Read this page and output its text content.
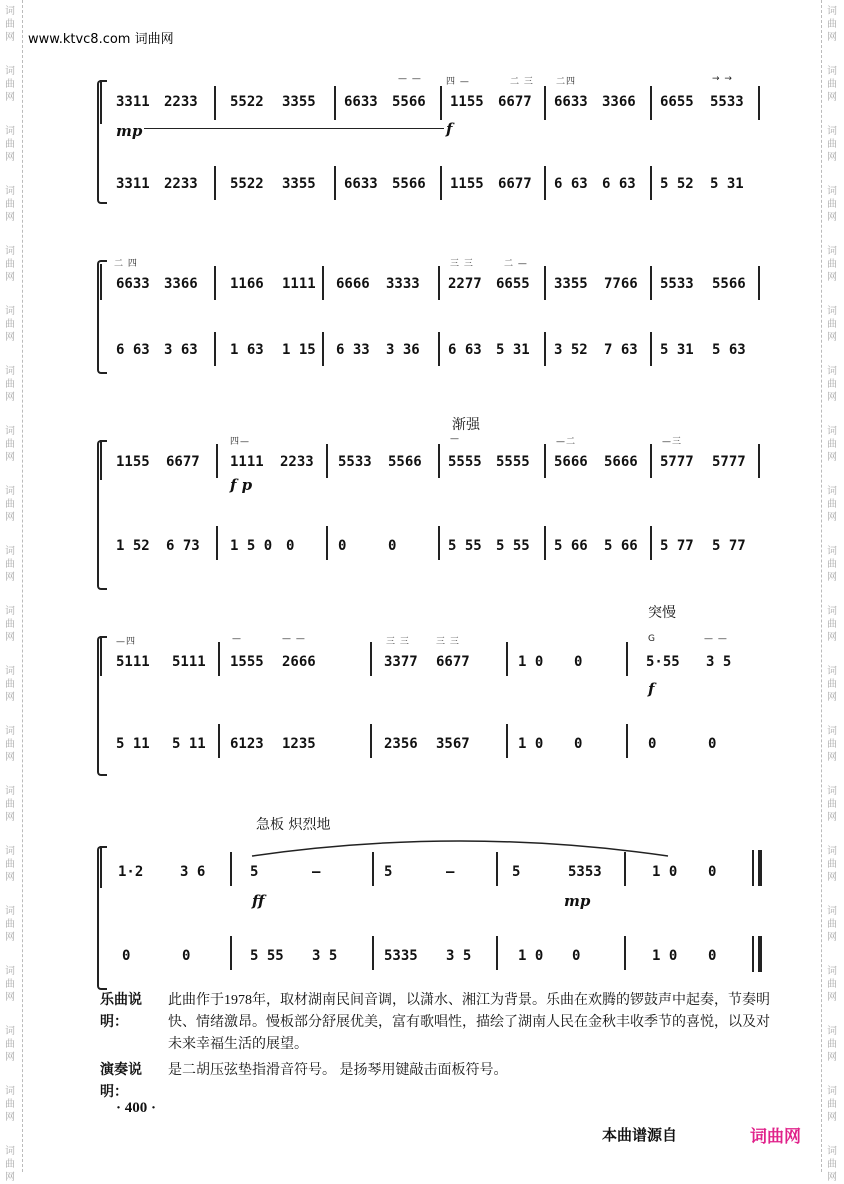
词
曲
网
词
曲
网
词
曲
网
词
曲
网
词
曲
网
词
曲
网
词
曲
网
词
曲
网
词
曲
网
词
曲
网
词
曲
网
词
曲
网
词
曲
网
词
曲
网
词
曲
网
词
曲
网
词
曲
网
词
曲
网
词
曲
网
词
曲
网
词
曲
网
词
曲
网
词
曲
网
词
曲
网
词
曲
网
词
曲
网
词
曲
网
词
曲
网
词
曲
网
词
曲
网
词
曲
网
词
曲
网
词
曲
网
词
曲
网
词
曲
网
词
曲
网
词
曲
网
词
曲
网
词
曲
网
词
曲
网
www.ktvc8.com 词曲网
— —	四 —	二 三 二四	→ →
3311 2233 5522 3355 6633 5566 1155 6677 6633 3366 6655 5533
mp	f
3311 2233 5522 3355 6633 5566 1155 6677 6 63 6 63 5 52 5 31
二 四	三 三	二 —
6633 3366 1166 1111 6666 3333 2277 6655 3355 7766 5533 5566
6 63 3 63 1 63 1 15 6 33 3 36 6 63 5 31 3 52 7 63 5 31 5 63
渐强
四—	—	—二	—三
1155 6677 1111 2233 5533 5566 5555 5555 5666 5666 5777 5777
f p
1 52 6 73 1 5 0 0	0	0	5 55 5 55 5 66 5 66 5 77 5 77
突慢
—四	—	— —	三 三	三 三	G	— —
5111 5111 1555 2666	3377 6677	1 0 0	5·55 3 5
f
5 11 5 11 6123 1235	2356 3567	1 0 0	0	0
急板 炽烈地
1·2	3 6	5	–	5	–	5	5353	1 0 0
ff	mp
0	0	5 55 3 5	5335 3 5	1 0 0	1 0 0
乐曲说明：此曲作于1978年，取材湖南民间音调，以潇水、湘江为背景。乐曲在欢腾的锣鼓声中起奏，节奏明快、情绪激昂。慢板部分舒展优美，富有歌唱性，描绘了湖南人民在金秋丰收季节的喜悦，以及对未来幸福生活的展望。
演奏说明：是二胡压弦垫指滑音符号。 是扬琴用键敲击面板符号。
· 400 ·
本曲谱源自	词曲网
